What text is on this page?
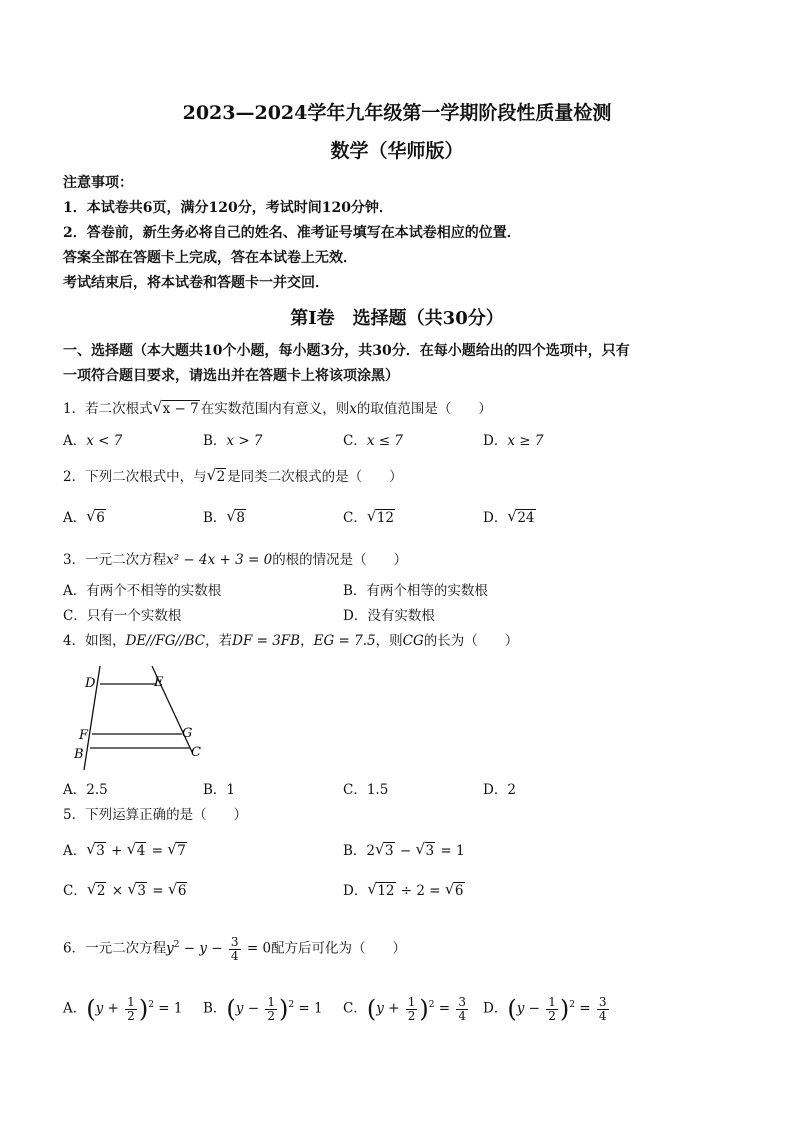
2023—2024学年九年级第一学期阶段性质量检测
数学（华师版）
注意事项：
1．本试卷共6页，满分120分，考试时间120分钟．
2．答卷前，新生务必将自己的姓名、准考证号填写在本试卷相应的位置．
答案全部在答题卡上完成，答在本试卷上无效．
考试结束后，将本试卷和答题卡一并交回．
第Ⅰ卷　选择题（共30分）
一、选择题（本大题共10个小题，每小题3分，共30分．在每小题给出的四个选项中，只有
一项符合题目要求，请选出并在答题卡上将该项涂黑）
1．若二次根式 √ x − 7 在实数范围内有意义，则x的取值范围是（　　）
A．x < 7	B．x > 7	C．x ≤ 7	D．x ≥ 7
2．下列二次根式中，与 √ 2 是同类二次根式的是（　　）
A． √ 6	B． √ 8	C． √ 12	D． √ 24
3．一元二次方程x² − 4x + 3 = 0的根的情况是（　　）
A．有两个不相等的实数根	B．有两个相等的实数根
C．只有一个实数根	D．没有实数根
4．如图，DE//FG//BC，若DF = 3FB，EG = 7.5，则CG的长为（　　）
D	E
F	G
B	C
A．2.5	B．1	C．1.5	D．2
5．下列运算正确的是（　　）
A． √ 3 + √ 4 = √ 7	B．2 √ 3 − √ 3 = 1
C． √ 2 × √ 3 = √ 6	D． √ 12 ÷ 2 = √ 6
6．一元二次方程$y^2 - y - \frac{3}{4} = 0$配方后可化为（　　）
A．$(y + \frac{1}{2} )^2 = 1$ B．$(y - \frac{1}{2} )^2 = 1$ C．$(y + \frac{1}{2} )^2 = \frac{3}{4}$ D．$(y - \frac{1}{2} )^2 = \frac{3}{4}$
